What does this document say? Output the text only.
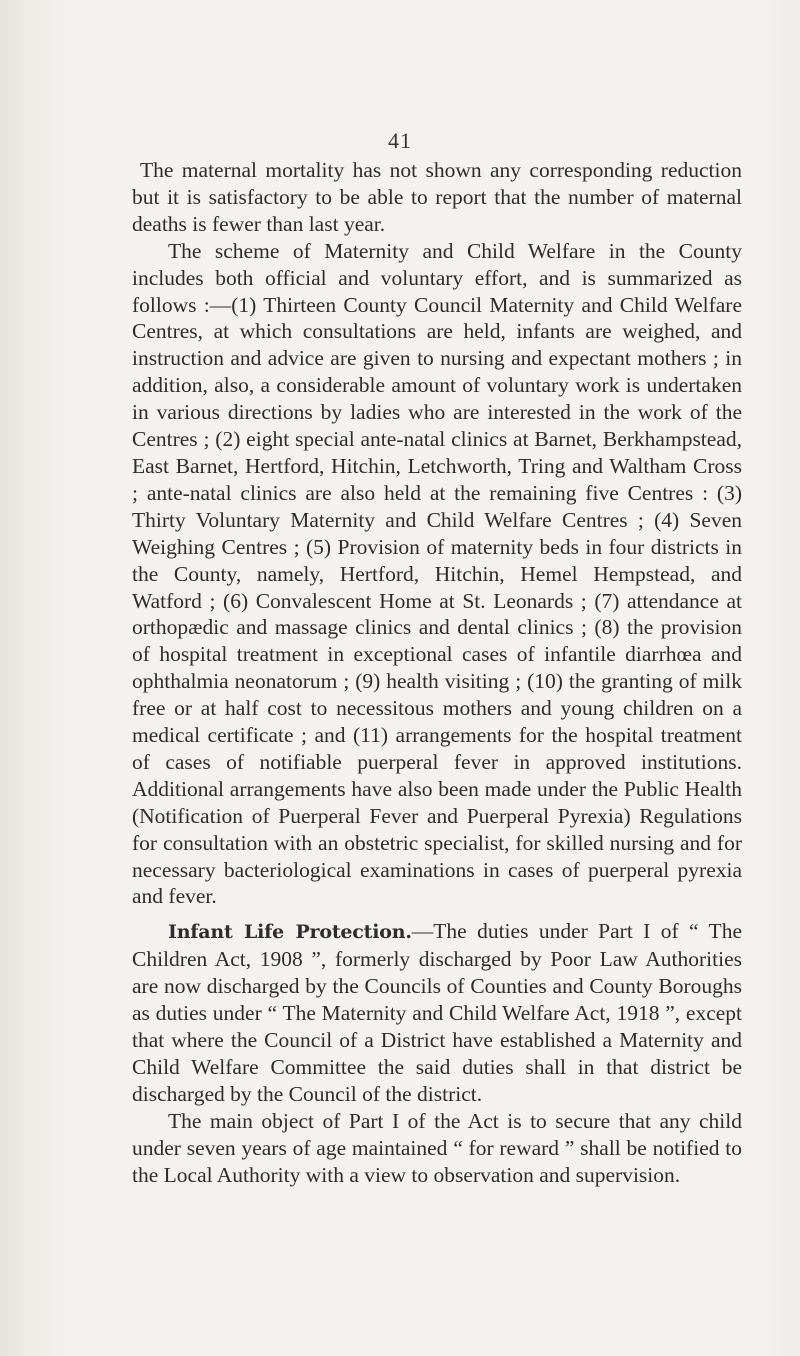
41

The maternal mortality has not shown any corresponding reduction but it is satisfactory to be able to report that the number of maternal deaths is fewer than last year.

The scheme of Maternity and Child Welfare in the County includes both official and voluntary effort, and is summarized as follows :—(1) Thirteen County Council Maternity and Child Welfare Centres, at which consultations are held, infants are weighed, and instruction and advice are given to nursing and expectant mothers ; in addition, also, a considerable amount of voluntary work is undertaken in various directions by ladies who are interested in the work of the Centres ; (2) eight special ante-natal clinics at Barnet, Berkhampstead, East Barnet, Hertford, Hitchin, Letchworth, Tring and Waltham Cross ; ante-natal clinics are also held at the remaining five Centres : (3) Thirty Voluntary Maternity and Child Welfare Centres ; (4) Seven Weighing Centres ; (5) Provision of maternity beds in four districts in the County, namely, Hertford, Hitchin, Hemel Hempstead, and Watford ; (6) Convalescent Home at St. Leonards ; (7) attendance at orthopædic and massage clinics and dental clinics ; (8) the provision of hospital treatment in exceptional cases of infantile diarrhœa and ophthalmia neonatorum ; (9) health visiting ; (10) the granting of milk free or at half cost to necessitous mothers and young children on a medical certificate ; and (11) arrangements for the hospital treatment of cases of notifiable puerperal fever in approved institutions. Additional arrangements have also been made under the Public Health (Notification of Puerperal Fever and Puerperal Pyrexia) Regulations for consultation with an obstetric specialist, for skilled nursing and for necessary bacteriological examinations in cases of puerperal pyrexia and fever.

Infant Life Protection.—The duties under Part I of “ The Children Act, 1908 ”, formerly discharged by Poor Law Authorities are now discharged by the Councils of Counties and County Boroughs as duties under “ The Maternity and Child Welfare Act, 1918 ”, except that where the Council of a District have established a Maternity and Child Welfare Committee the said duties shall in that district be discharged by the Council of the district.

The main object of Part I of the Act is to secure that any child under seven years of age maintained “ for reward ” shall be notified to the Local Authority with a view to observation and supervision.
